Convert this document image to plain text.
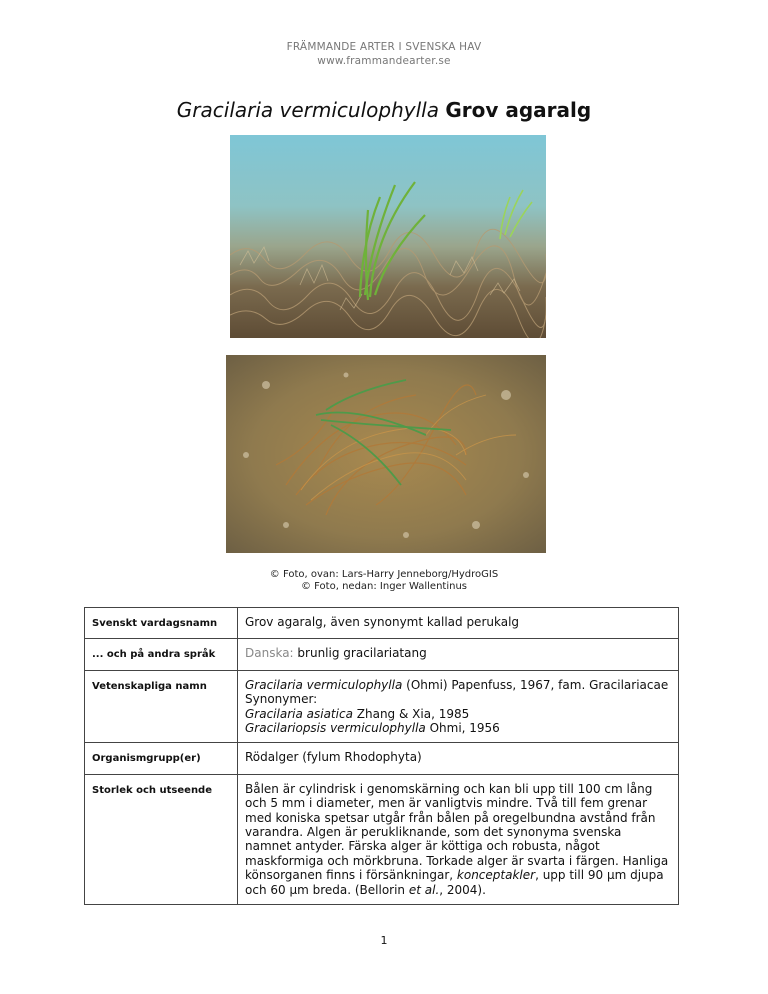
FRÄMMANDE ARTER I SVENSKA HAV
www.frammandearter.se
Gracilaria vermiculophylla Grov agaralg
© Foto, ovan: Lars-Harry Jenneborg/HydroGIS
© Foto, nedan: Inger Wallentinus
Svenskt vardagsnamn	Grov agaralg, även synonymt kallad perukalg
... och på andra språk	Danska: brunlig gracilariatang
Vetenskapliga namn	Gracilaria vermiculophylla (Ohmi) Papenfuss, 1967, fam. Gracilariacae
Synonymer:
Gracilaria asiatica Zhang & Xia, 1985
Gracilariopsis vermiculophylla Ohmi, 1956

Organismgrupp(er)	Rödalger (fylum Rhodophyta)
Storlek och utseende	Bålen är cylindrisk i genomskärning och kan bli upp till 100 cm lång och 5 mm i diameter, men är vanligtvis mindre. Två till fem grenar med koniska spetsar utgår från bålen på oregelbundna avstånd från varandra. Algen är perukliknande, som det synonyma svenska namnet antyder. Färska alger är köttiga och robusta, något maskformiga och mörkbruna. Torkade alger är svarta i färgen. Hanliga könsorganen finns i försänkningar, konceptakler, upp till 90 µm djupa och 60 µm breda. (Bellorin et al., 2004).
1
